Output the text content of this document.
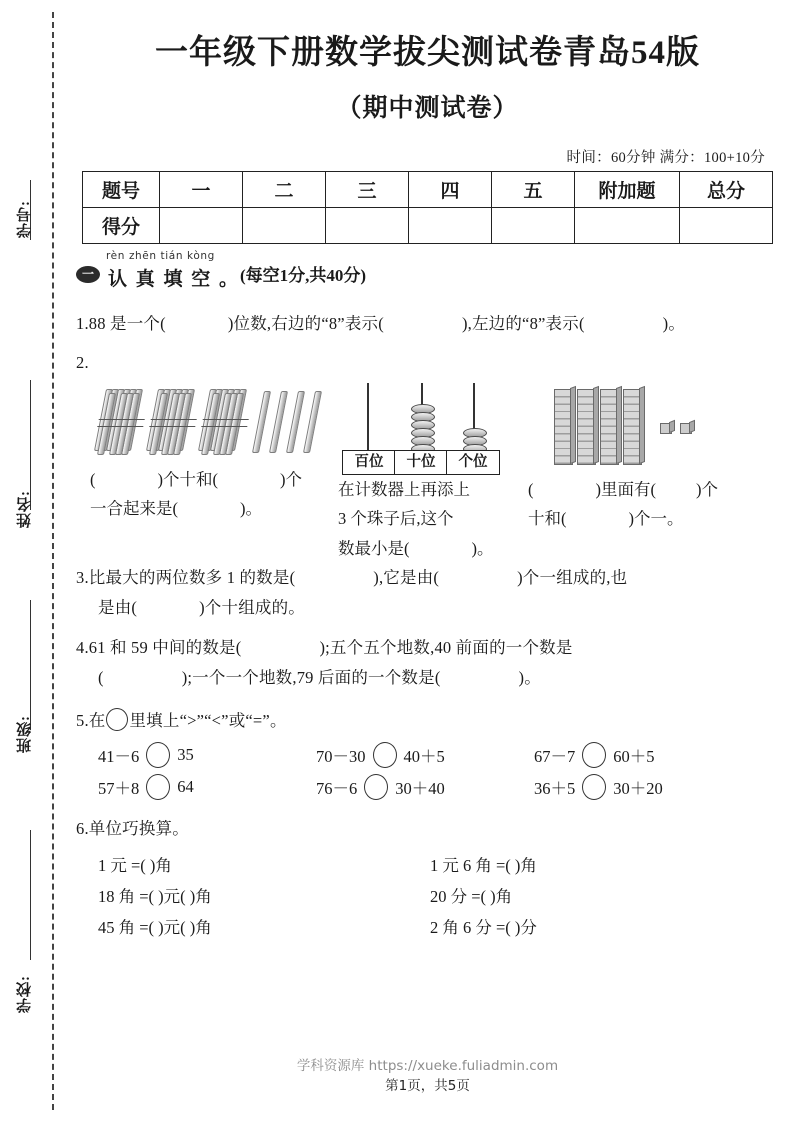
学号:
姓名:
班级:
学校:
一年级下册数学拔尖测试卷青岛54版
（期中测试卷）
时间：60分钟 满分：100+10分
题号	一	二	三	四	五	附加题	总分
得分							
一

rèn zhēn tián kòng
认 真 填 空 。(每空1分,共40分)
1.88 是一个(	)位数,右边的“8”表示(	),左边的“8”表示(	)。
2.
(	)个十和(	)个
一合起来是(	)。
百位	十位	个位
在计数器上再添上
3 个珠子后,这个
数最小是(	)。
(	)里面有( )个
十和(	)个一。
3.比最大的两位数多 1 的数是(	),它是由(	)个一组成的,也
是由(	)个十组成的。
4.61 和 59 中间的数是(	);五个五个地数,40 前面的一个数是
(	);一个一个地数,79 后面的一个数是(	)。
5.在 里填上“>”“<”或“=”。
41－6 35	70－30 40＋5	67－7 60＋5
57＋8 64	76－6 30＋40	36＋5 30＋20
6.单位巧换算。
1 元 =( )角	1 元 6 角 =( )角
18 角 =( )元( )角	20 分 =( )角
45 角 =( )元( )角	2 角 6 分 =( )分
学科资源库 https://xueke.fuliadmin.com
第1页，共5页
